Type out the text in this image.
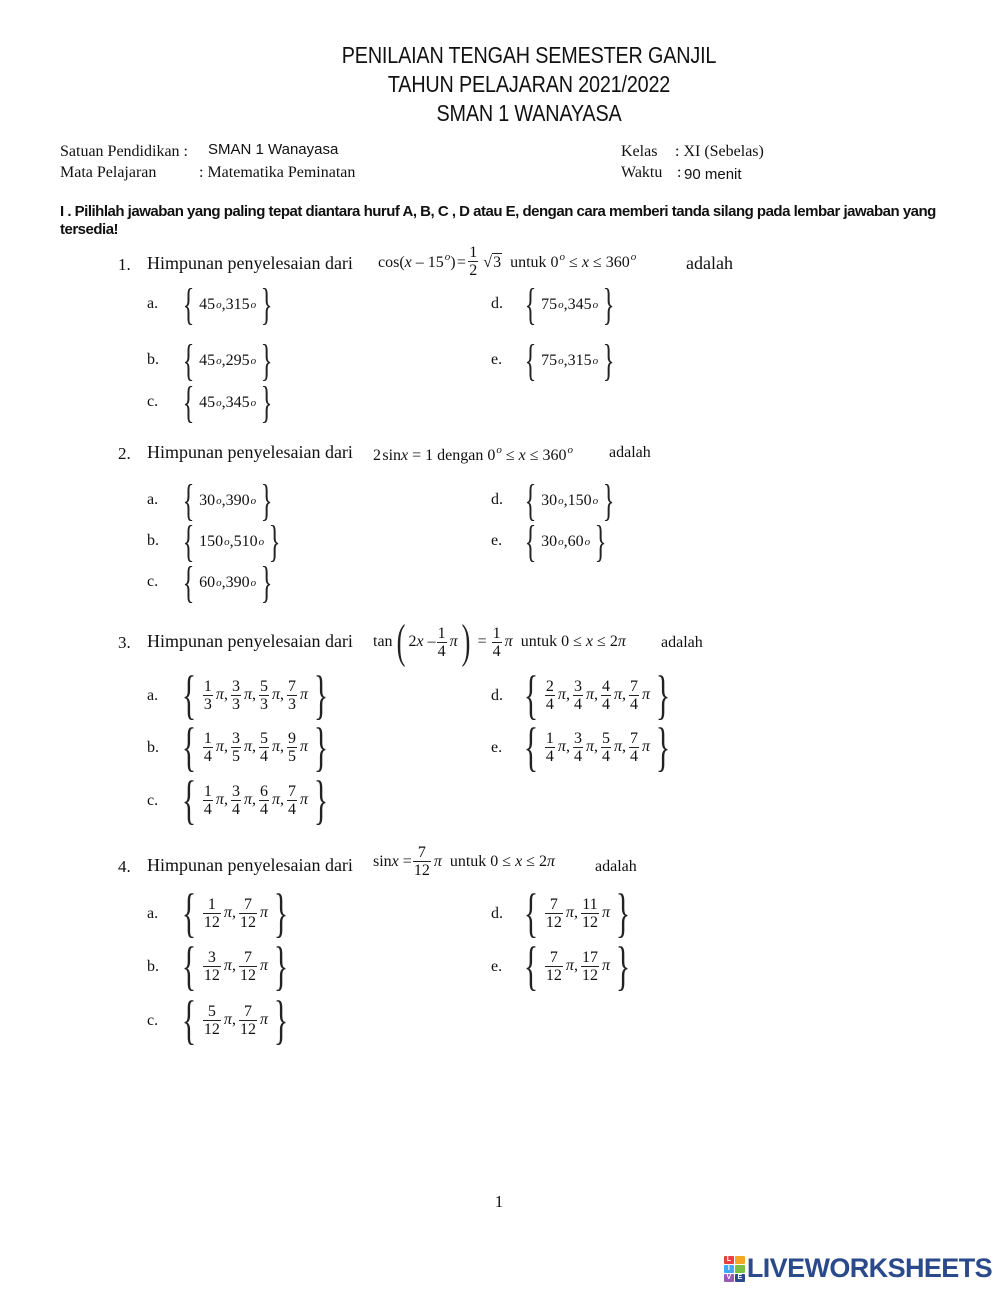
PENILAIAN TENGAH SEMESTER GANJIL
TAHUN PELAJARAN 2021/2022
SMAN 1 WANAYASA
Satuan Pendidikan : SMAN 1 Wanayasa
Mata Pelajaran	: Matematika Peminatan
Kelas : XI (Sebelas)
Waktu : 90 menit
I . Pilihlah jawaban yang paling tepat diantara huruf A, B, C , D atau E, dengan cara memberi tanda silang pada lembar jawaban yang tersedia!
1. Himpunan penyelesaian dari $\cos(x - 15^o)$ =  $\frac{1}{2} √3$  untuk $0^o \le x \le 360^o$	adalah
a. { 45 o ,315 o }
b. { 45 o ,295 o }
c. { 45 o ,345 o }
d. { 75 o ,345 o }
e. { 75 o ,315 o }
2. Himpunan penyelesaian dari 2 sinx = 1 dengan $0^o \le x \le 360^o$ adalah
a. { 30 o ,390 o }
b. { 150 o ,510 o }
c. { 60 o ,390 o }
d. { 30 o ,150 o }
e. { 30 o ,60 o }
3. Himpunan penyelesaian dari tan ( $2x - \frac{1}{4}$ π ) = $\frac{1}{4}$ π untuk 0 ≤ x ≤ 2π adalah
a. { $\frac{1}{3}$ π , $\frac{3}{3}$ π , $\frac{5}{3}$ π , $\frac{7}{3}$ π }
b. { $\frac{1}{4}$ π , $\frac{3}{5}$ π , $\frac{5}{4}$ π , $\frac{9}{5}$ π }
c. { $\frac{1}{4}$ π , $\frac{3}{4}$ π , $\frac{6}{4}$ π , $\frac{7}{4}$ π }
d. { $\frac{2}{4}$ π , $\frac{3}{4}$ π , $\frac{4}{4}$ π , $\frac{7}{4}$ π }
e. { $\frac{1}{4}$ π , $\frac{3}{4}$ π , $\frac{5}{4}$ π , $\frac{7}{4}$ π }
4. Himpunan penyelesaian dari $\sin x = \frac{7}{12}$ π untuk 0 ≤ x ≤ 2π	adalah
a. { $\frac{1}{12}$ π , $\frac{7}{12}$ π }
b. { $\frac{3}{12}$ π , $\frac{7}{12}$ π }
c. { $\frac{5}{12}$ π , $\frac{7}{12}$ π }
d. { $\frac{7}{12}$ π , $\frac{11}{12}$ π }
e. { $\frac{7}{12}$ π , $\frac{17}{12}$ π }
1
L
I
V E LIVEWORKSHEETS
